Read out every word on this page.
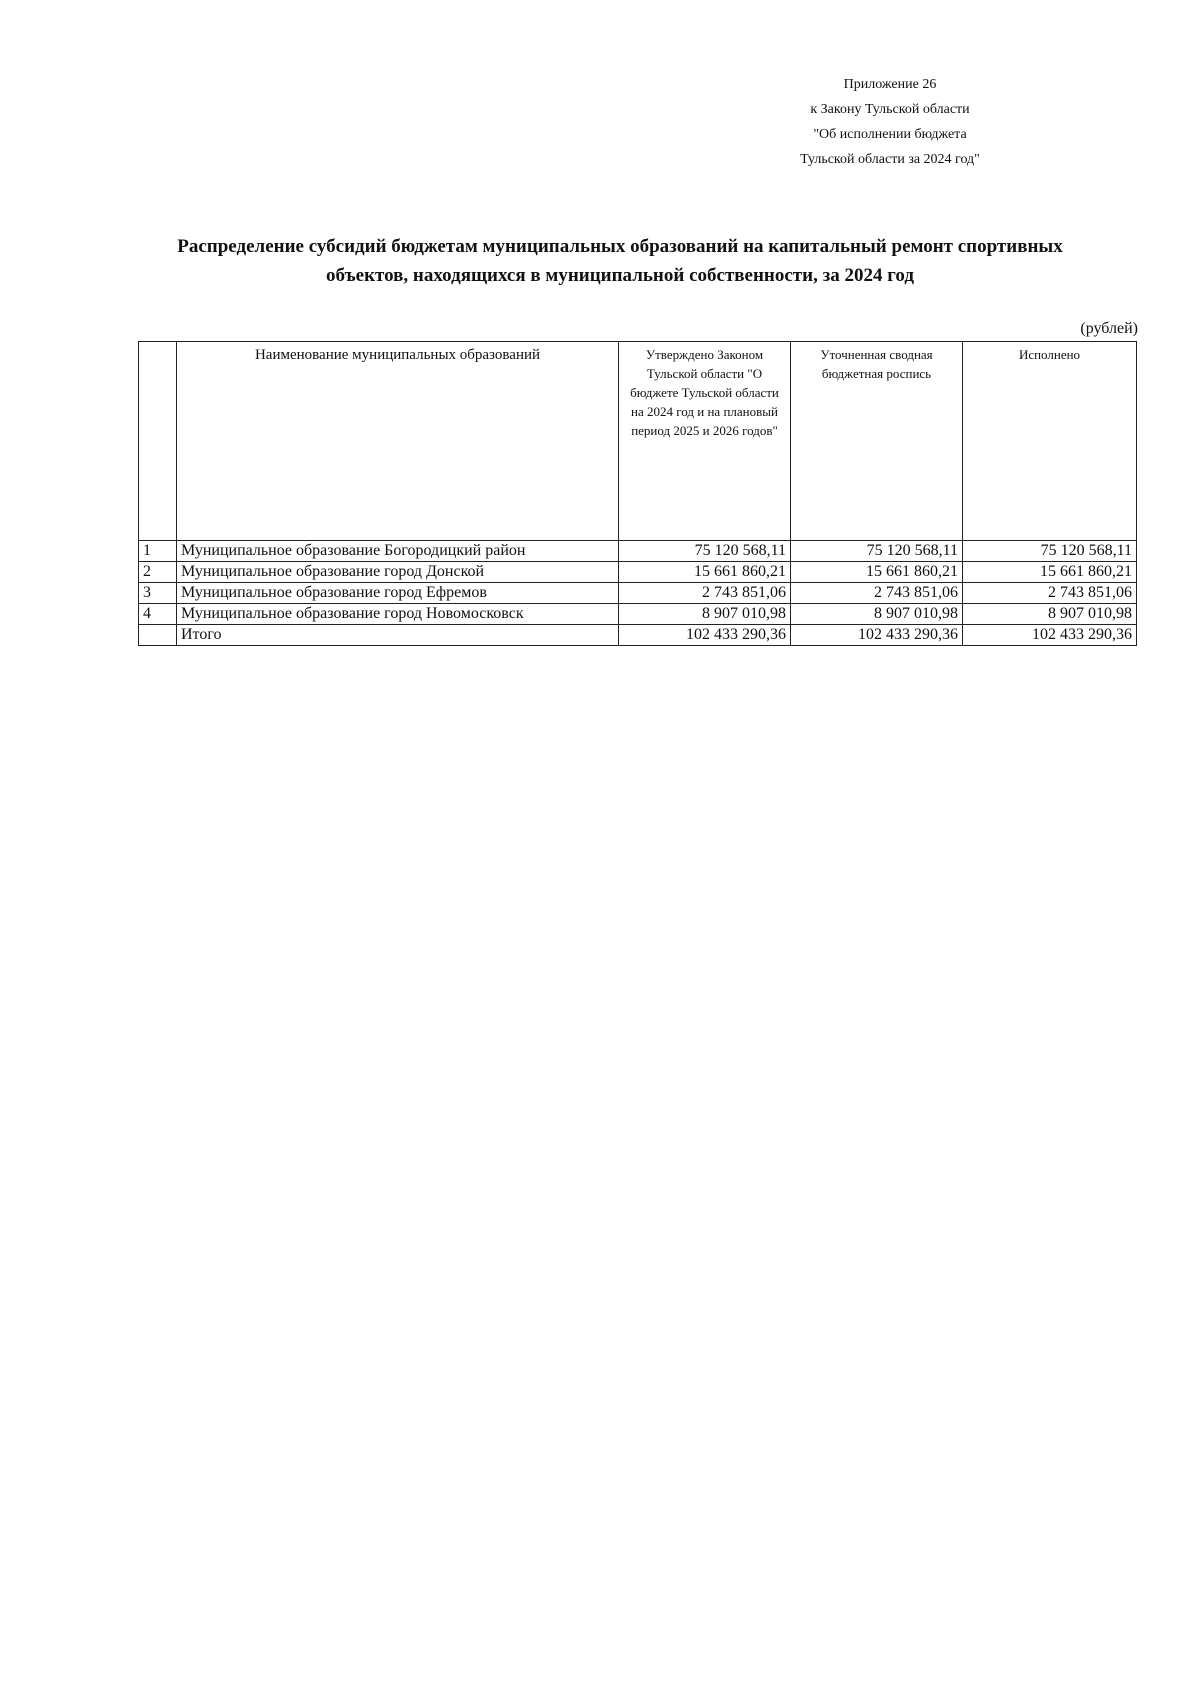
Приложение 26
к Закону Тульской области
"Об исполнении бюджета
Тульской области за 2024 год"
Распределение субсидий бюджетам муниципальных образований на капитальный ремонт спортивных
объектов, находящихся в муниципальной собственности, за 2024 год
(рублей)
	Наименование муниципальных образований	Утверждено Законом Тульской области "О бюджете Тульской области на 2024 год и на плановый период 2025 и 2026 годов"	Уточненная сводная бюджетная роспись	Исполнено
1	Муниципальное образование Богородицкий район	75 120 568,11	75 120 568,11	75 120 568,11
2	Муниципальное образование город Донской	15 661 860,21	15 661 860,21	15 661 860,21
3	Муниципальное образование город Ефремов	2 743 851,06	2 743 851,06	2 743 851,06
4	Муниципальное образование город Новомосковск	8 907 010,98	8 907 010,98	8 907 010,98
	Итого	102 433 290,36	102 433 290,36	102 433 290,36
